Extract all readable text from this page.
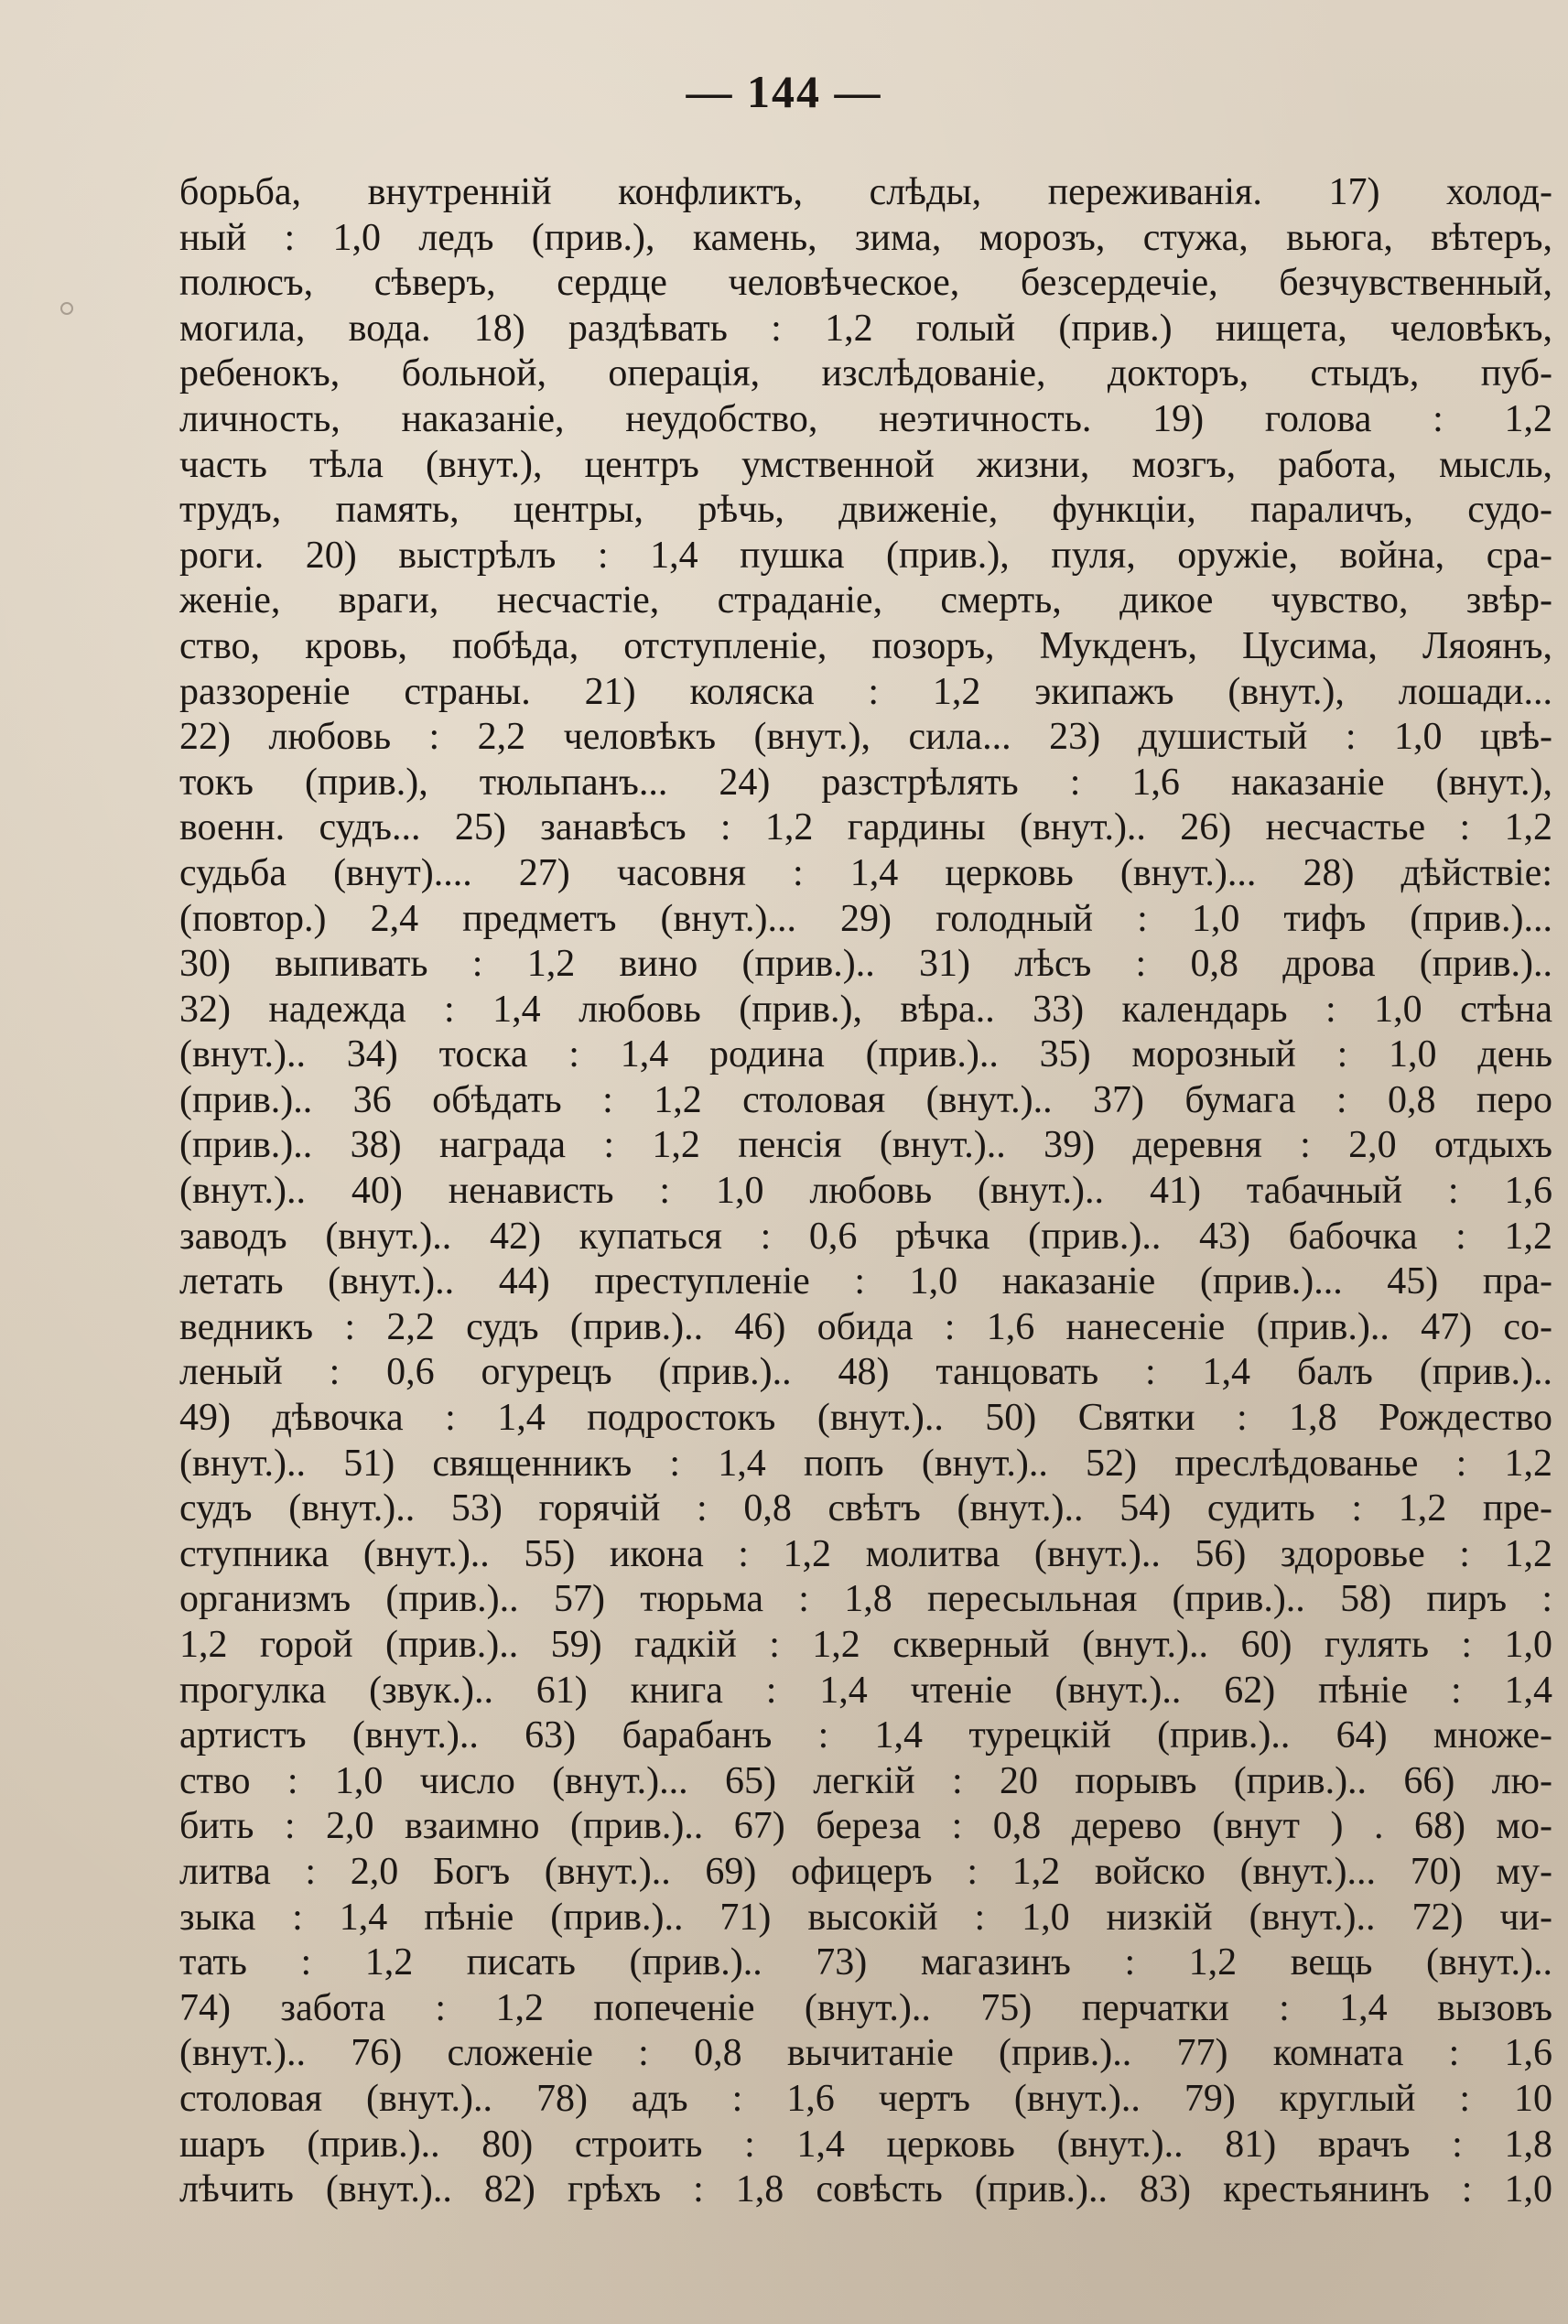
— 144 —
борьба, внутреннiй конфликтъ, слѣды, переживанiя. 17) холод-
ный : 1,0 ледъ (прив.), камень, зима, морозъ, стужа, вьюга, вѣтеръ,
полюсъ, сѣверъ, сердце человѣческое, безсердечiе, безчувственный,
могила, вода. 18) раздѣвать : 1,2 голый (прив.) нищета, человѣкъ,
ребенокъ, больной, операцiя, изслѣдованiе, докторъ, стыдъ, пуб-
личность, наказанiе, неудобство, неэтичность. 19) голова : 1,2
часть тѣла (внут.), центръ умственной жизни, мозгъ, работа, мысль,
трудъ, память, центры, рѣчь, движенiе, функцiи, параличъ, судо-
роги. 20) выстрѣлъ : 1,4 пушка (прив.), пуля, оружiе, война, сра-
женiе, враги, несчастiе, страданiе, смерть, дикое чувство, звѣр-
ство, кровь, побѣда, отступленiе, позоръ, Мукденъ, Цусима, Ляоянъ,
раззоренiе страны. 21) коляска : 1,2 экипажъ (внут.), лошади...
22) любовь : 2,2 человѣкъ (внут.), сила... 23) душистый : 1,0 цвѣ-
токъ (прив.), тюльпанъ... 24) разстрѣлять : 1,6 наказанiе (внут.),
военн. судъ... 25) занавѣсъ : 1,2 гардины (внут.).. 26) несчастье : 1,2
судьба (внут).... 27) часовня : 1,4 церковь (внут.)... 28) дѣйствiе:
(повтор.) 2,4 предметъ (внут.)... 29) голодный : 1,0 тифъ (прив.)...
30) выпивать : 1,2 вино (прив.).. 31) лѣсъ : 0,8 дрова (прив.)..
32) надежда : 1,4 любовь (прив.), вѣра.. 33) календарь : 1,0 стѣна
(внут.).. 34) тоска : 1,4 родина (прив.).. 35) морозный : 1,0 день
(прив.).. 36 обѣдать : 1,2 столовая (внут.).. 37) бумага : 0,8 перо
(прив.).. 38) награда : 1,2 пенсiя (внут.).. 39) деревня : 2,0 отдыхъ
(внут.).. 40) ненависть : 1,0 любовь (внут.).. 41) табачный : 1,6
заводъ (внут.).. 42) купаться : 0,6 рѣчка (прив.).. 43) бабочка : 1,2
летать (внут.).. 44) преступленiе : 1,0 наказанiе (прив.)... 45) пра-
ведникъ : 2,2 судъ (прив.).. 46) обида : 1,6 нанесенiе (прив.).. 47) со-
леный : 0,6 огурецъ (прив.).. 48) танцовать : 1,4 балъ (прив.)..
49) дѣвочка : 1,4 подростокъ (внут.).. 50) Святки : 1,8 Рождество
(внут.).. 51) священникъ : 1,4 попъ (внут.).. 52) преслѣдованье : 1,2
судъ (внут.).. 53) горячiй : 0,8 свѣтъ (внут.).. 54) судить : 1,2 пре-
ступника (внут.).. 55) икона : 1,2 молитва (внут.).. 56) здоровье : 1,2
организмъ (прив.).. 57) тюрьма : 1,8 пересыльная (прив.).. 58) пиръ :
1,2 горой (прив.).. 59) гадкiй : 1,2 скверный (внут.).. 60) гулять : 1,0
прогулка (звук.).. 61) книга : 1,4 чтенiе (внут.).. 62) пѣнiе : 1,4
артистъ (внут.).. 63) барабанъ : 1,4 турецкiй (прив.).. 64) множе-
ство : 1,0 число (внут.)... 65) легкiй : 20 порывъ (прив.).. 66) лю-
бить : 2,0 взаимно (прив.).. 67) береза : 0,8 дерево (внут ) . 68) мо-
литва : 2,0 Богъ (внут.).. 69) офицеръ : 1,2 войско (внут.)... 70) му-
зыка : 1,4 пѣнiе (прив.).. 71) высокiй : 1,0 низкiй (внут.).. 72) чи-
тать : 1,2 писать (прив.).. 73) магазинъ : 1,2 вещь (внут.)..
74) забота : 1,2 попеченiе (внут.).. 75) перчатки : 1,4 вызовъ
(внут.).. 76) сложенiе : 0,8 вычитанiе (прив.).. 77) комната : 1,6
столовая (внут.).. 78) адъ : 1,6 чертъ (внут.).. 79) круглый : 10
шаръ (прив.).. 80) строить : 1,4 церковь (внут.).. 81) врачъ : 1,8
лѣчить (внут.).. 82) грѣхъ : 1,8 совѣсть (прив.).. 83) крестьянинъ : 1,0
